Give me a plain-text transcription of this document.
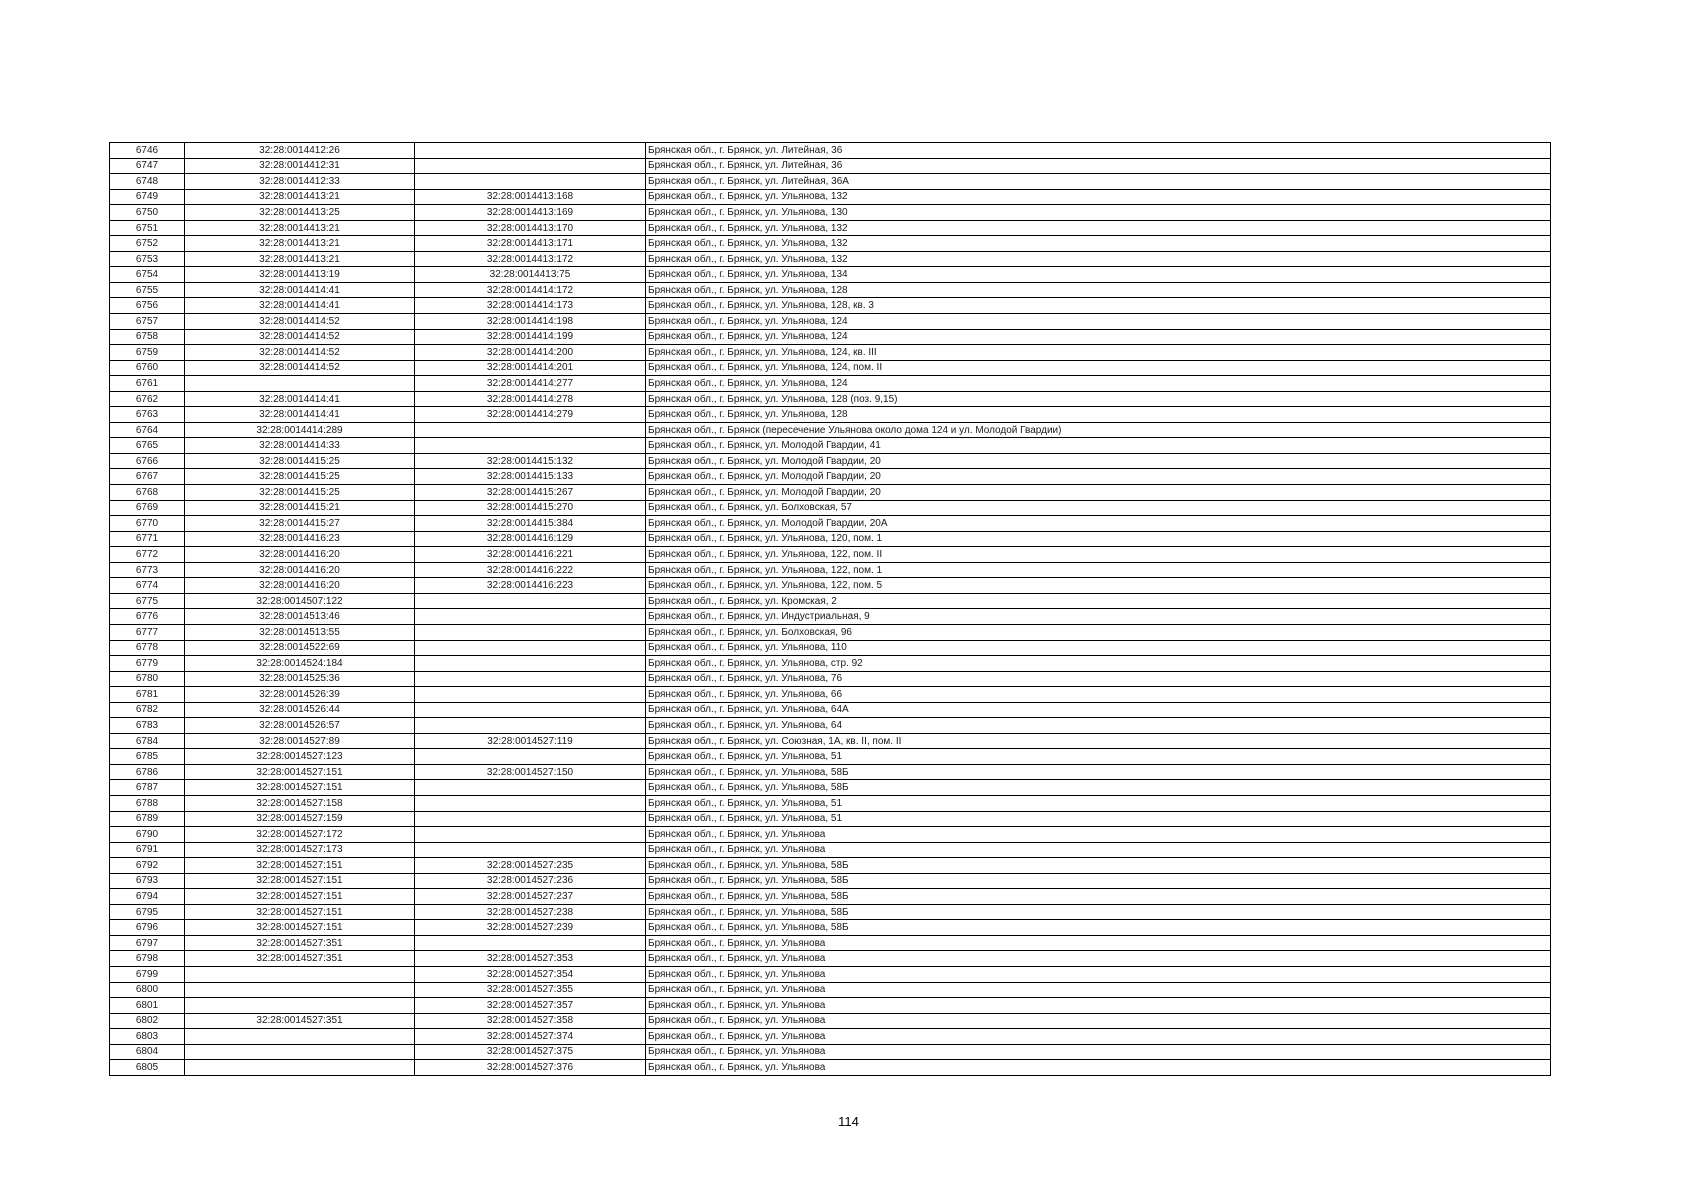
6746	32:28:0014412:26		Брянская обл., г. Брянск, ул. Литейная, 36
6747	32:28:0014412:31		Брянская обл., г. Брянск, ул. Литейная, 36
6748	32:28:0014412:33		Брянская обл., г. Брянск, ул. Литейная, 36А
6749	32:28:0014413:21	32:28:0014413:168	Брянская обл., г. Брянск, ул. Ульянова, 132
6750	32:28:0014413:25	32:28:0014413:169	Брянская обл., г. Брянск, ул. Ульянова, 130
6751	32:28:0014413:21	32:28:0014413:170	Брянская обл., г. Брянск, ул. Ульянова, 132
6752	32:28:0014413:21	32:28:0014413:171	Брянская обл., г. Брянск, ул. Ульянова, 132
6753	32:28:0014413:21	32:28:0014413:172	Брянская обл., г. Брянск, ул. Ульянова, 132
6754	32:28:0014413:19	32:28:0014413:75	Брянская обл., г. Брянск, ул. Ульянова, 134
6755	32:28:0014414:41	32:28:0014414:172	Брянская обл., г. Брянск, ул. Ульянова, 128
6756	32:28:0014414:41	32:28:0014414:173	Брянская обл., г. Брянск, ул. Ульянова, 128, кв. 3
6757	32:28:0014414:52	32:28:0014414:198	Брянская обл., г. Брянск, ул. Ульянова, 124
6758	32:28:0014414:52	32:28:0014414:199	Брянская обл., г. Брянск, ул. Ульянова, 124
6759	32:28:0014414:52	32:28:0014414:200	Брянская обл., г. Брянск, ул. Ульянова, 124, кв. III
6760	32:28:0014414:52	32:28:0014414:201	Брянская обл., г. Брянск, ул. Ульянова, 124, пом. II
6761		32:28:0014414:277	Брянская обл., г. Брянск, ул. Ульянова, 124
6762	32:28:0014414:41	32:28:0014414:278	Брянская обл., г. Брянск, ул. Ульянова, 128 (поз. 9,15)
6763	32:28:0014414:41	32:28:0014414:279	Брянская обл., г. Брянск, ул. Ульянова, 128
6764	32:28:0014414:289		Брянская обл., г. Брянск (пересечение Ульянова около дома 124 и ул. Молодой Гвардии)
6765	32:28:0014414:33		Брянская обл., г. Брянск, ул. Молодой Гвардии, 41
6766	32:28:0014415:25	32:28:0014415:132	Брянская обл., г. Брянск, ул. Молодой Гвардии, 20
6767	32:28:0014415:25	32:28:0014415:133	Брянская обл., г. Брянск, ул. Молодой Гвардии, 20
6768	32:28:0014415:25	32:28:0014415:267	Брянская обл., г. Брянск, ул. Молодой Гвардии, 20
6769	32:28:0014415:21	32:28:0014415:270	Брянская обл., г. Брянск, ул. Болховская, 57
6770	32:28:0014415:27	32:28:0014415:384	Брянская обл., г. Брянск, ул. Молодой Гвардии, 20А
6771	32:28:0014416:23	32:28:0014416:129	Брянская обл., г. Брянск, ул. Ульянова, 120, пом. 1
6772	32:28:0014416:20	32:28:0014416:221	Брянская обл., г. Брянск, ул. Ульянова, 122, пом. II
6773	32:28:0014416:20	32:28:0014416:222	Брянская обл., г. Брянск, ул. Ульянова, 122, пом. 1
6774	32:28:0014416:20	32:28:0014416:223	Брянская обл., г. Брянск, ул. Ульянова, 122, пом. 5
6775	32:28:0014507:122		Брянская обл., г. Брянск, ул. Кромская, 2
6776	32:28:0014513:46		Брянская обл., г. Брянск, ул. Индустриальная, 9
6777	32:28:0014513:55		Брянская обл., г. Брянск, ул. Болховская, 96
6778	32:28:0014522:69		Брянская обл., г. Брянск, ул. Ульянова, 110
6779	32:28:0014524:184		Брянская обл., г. Брянск, ул. Ульянова, стр. 92
6780	32:28:0014525:36		Брянская обл., г. Брянск, ул. Ульянова, 76
6781	32:28:0014526:39		Брянская обл., г. Брянск, ул. Ульянова, 66
6782	32:28:0014526:44		Брянская обл., г. Брянск, ул. Ульянова, 64А
6783	32:28:0014526:57		Брянская обл., г. Брянск, ул. Ульянова, 64
6784	32:28:0014527:89	32:28:0014527:119	Брянская обл., г. Брянск, ул. Союзная, 1А, кв. II, пом. II
6785	32:28:0014527:123		Брянская обл., г. Брянск, ул. Ульянова, 51
6786	32:28:0014527:151	32:28:0014527:150	Брянская обл., г. Брянск, ул. Ульянова, 58Б
6787	32:28:0014527:151		Брянская обл., г. Брянск, ул. Ульянова, 58Б
6788	32:28:0014527:158		Брянская обл., г. Брянск, ул. Ульянова, 51
6789	32:28:0014527:159		Брянская обл., г. Брянск, ул. Ульянова, 51
6790	32:28:0014527:172		Брянская обл., г. Брянск, ул. Ульянова
6791	32:28:0014527:173		Брянская обл., г. Брянск, ул. Ульянова
6792	32:28:0014527:151	32:28:0014527:235	Брянская обл., г. Брянск, ул. Ульянова, 58Б
6793	32:28:0014527:151	32:28:0014527:236	Брянская обл., г. Брянск, ул. Ульянова, 58Б
6794	32:28:0014527:151	32:28:0014527:237	Брянская обл., г. Брянск, ул. Ульянова, 58Б
6795	32:28:0014527:151	32:28:0014527:238	Брянская обл., г. Брянск, ул. Ульянова, 58Б
6796	32:28:0014527:151	32:28:0014527:239	Брянская обл., г. Брянск, ул. Ульянова, 58Б
6797	32:28:0014527:351		Брянская обл., г. Брянск, ул. Ульянова
6798	32:28:0014527:351	32:28:0014527:353	Брянская обл., г. Брянск, ул. Ульянова
6799		32:28:0014527:354	Брянская обл., г. Брянск, ул. Ульянова
6800		32:28:0014527:355	Брянская обл., г. Брянск, ул. Ульянова
6801		32:28:0014527:357	Брянская обл., г. Брянск, ул. Ульянова
6802	32:28:0014527:351	32:28:0014527:358	Брянская обл., г. Брянск, ул. Ульянова
6803		32:28:0014527:374	Брянская обл., г. Брянск, ул. Ульянова
6804		32:28:0014527:375	Брянская обл., г. Брянск, ул. Ульянова
6805		32:28:0014527:376	Брянская обл., г. Брянск, ул. Ульянова
114
